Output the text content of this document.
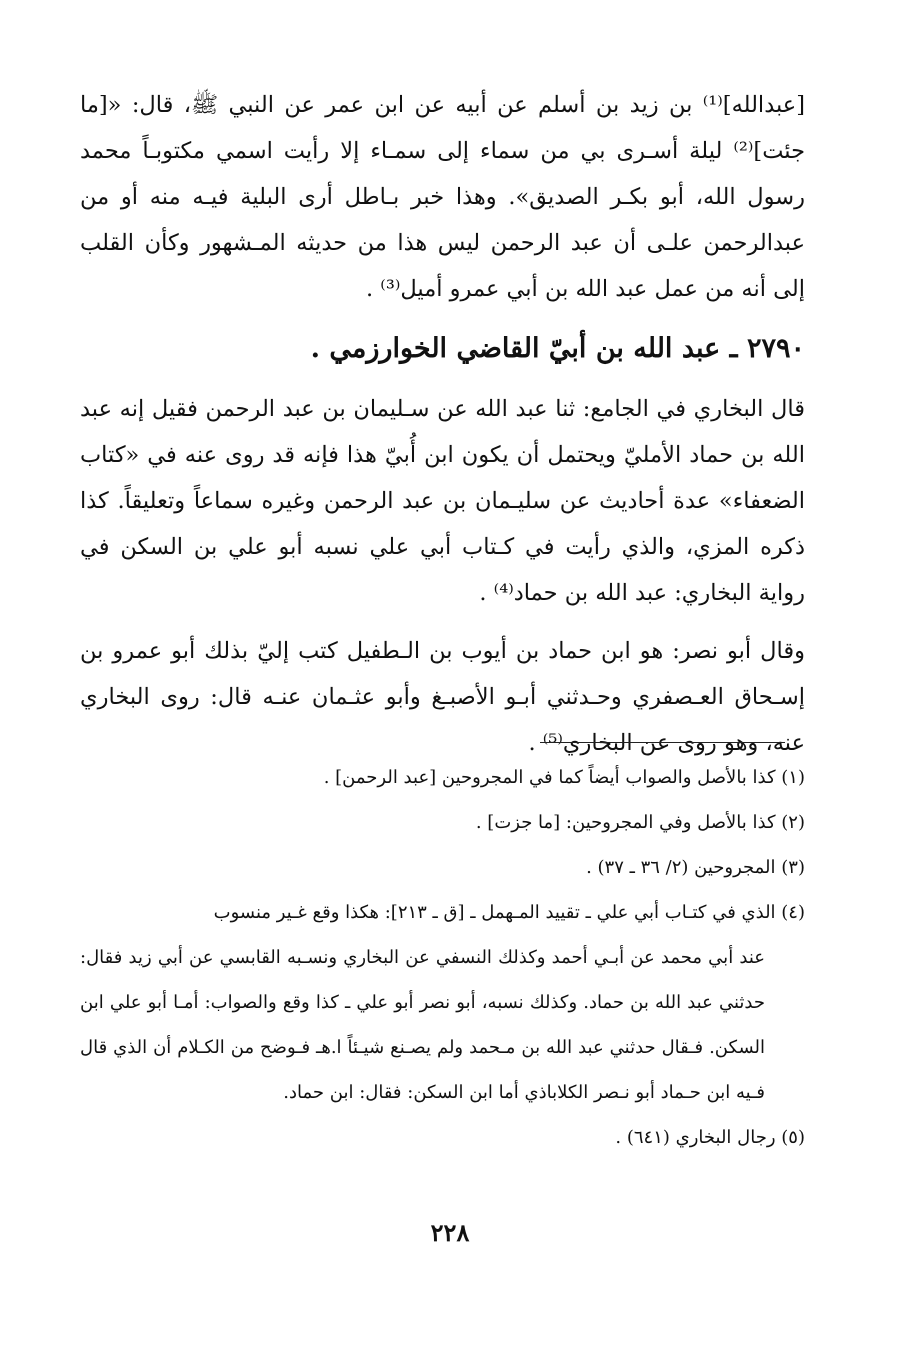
[عبدالله]⁽¹⁾ بن زيد بن أسلم عن أبيه عن ابن عمر عن النبي ﷺ، قال: «[ما جئت]⁽²⁾ ليلة أسـرى بي من سماء إلى سمـاء إلا رأيت اسمي مكتوبـاً محمد رسول الله، أبو بكـر الصديق». وهذا خبر بـاطل أرى البلية فيـه منه أو من عبدالرحمن علـى أن عبد الرحمن ليس هذا من حديثه المـشهور وكأن القلب إلى أنه من عمل عبد الله بن أبي عمرو أميل⁽³⁾ .

٢٧٩٠ ـ عبد الله بن أبيّ القاضي الخوارزمي .

قال البخاري في الجامع: ثنا عبد الله عن سـليمان بن عبد الرحمن فقيل إنه عبد الله بن حماد الأمليّ ويحتمل أن يكون ابن أُبيّ هذا فإنه قد روى عنه في «كتاب الضعفاء» عدة أحاديث عن سليـمان بن عبد الرحمن وغيره سماعاً وتعليقاً. كذا ذكره المزي، والذي رأيت في كـتاب أبي علي نسبه أبو علي بن السكن في رواية البخاري: عبد الله بن حماد⁽⁴⁾ .

وقال أبو نصر: هو ابن حماد بن أيوب بن الـطفيل كتب إليّ بذلك أبو عمرو بن إسـحاق العـصفري وحـدثني أبـو الأصبـغ وأبو عثـمان عنـه قال: روى البخاري عنه، وهو روى عن البخاري⁽⁵⁾ .

(١) كذا بالأصل والصواب أيضاً كما في المجروحين [عبد الرحمن] .

(٢) كذا بالأصل وفي المجروحين: [ما جزت] .

(٣) المجروحين (٢/ ٣٦ ـ ٣٧) .

(٤) الذي في كتـاب أبي علي ـ تقييد المـهمل ـ [ق ـ ٢١٣]: هكذا وقع غـير منسوب
عند أبي محمد عن أبـي أحمد وكذلك النسفي عن البخاري ونسـبه القابسي عن أبي زيد فقال: حدثني عبد الله بن حماد. وكذلك نسبه، أبو نصر أبو علي ـ كذا وقع والصواب: أمـا أبو علي ابن السكن. فـقال حدثني عبد الله بن مـحمد ولم يصـنع شيـئاً ا.هـ فـوضح من الكـلام أن الذي قال فـيه ابن حـماد أبو نـصر الكلاباذي أما ابن السكن: فقال: ابن حماد.

(٥) رجال البخاري (٦٤١) .

٢٢٨
